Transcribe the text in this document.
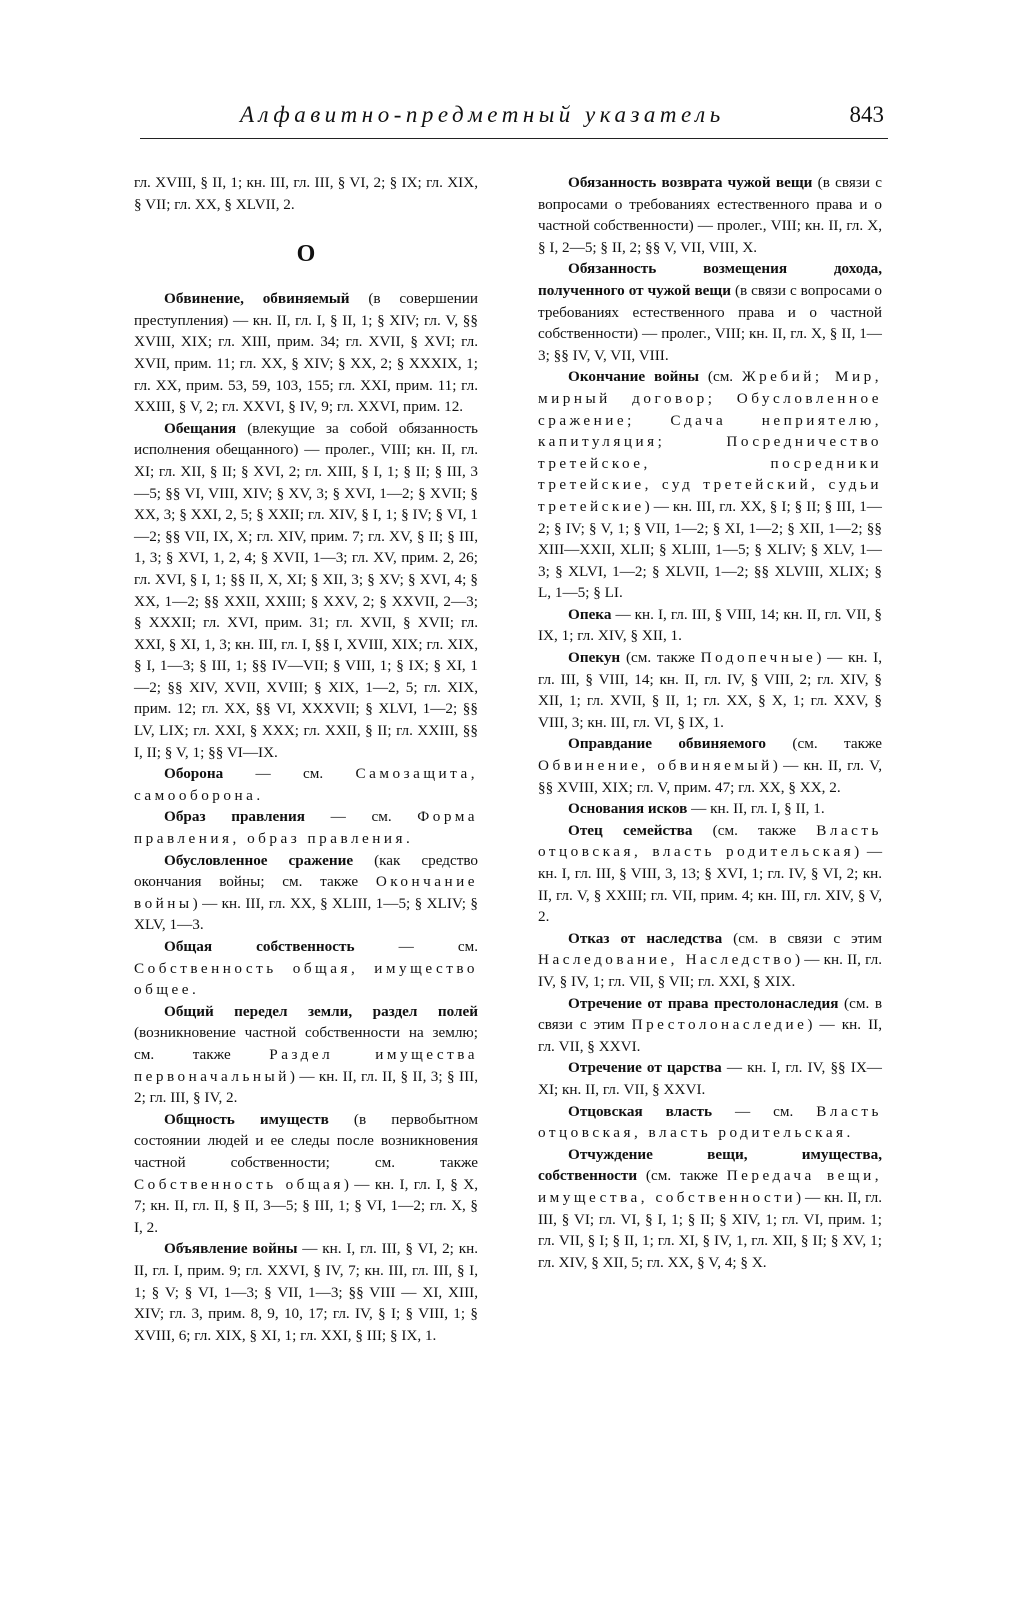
Алфавитно-предметный указатель	843

гл. XVIII, § II, 1; кн. III, гл. III, § VI, 2; § IX; гл. XIX, § VII; гл. XX, § XLVII, 2.

О

Обвинение, обвиняемый (в совершении преступления) — кн. II, гл. I, § II, 1; § XIV; гл. V, §§ XVIII, XIX; гл. XIII, прим. 34; гл. XVII, § XVI; гл. XVII, прим. 11; гл. XX, § XIV; § XX, 2; § XXXIX, 1; гл. XX, прим. 53, 59, 103, 155; гл. XXI, прим. 11; гл. XXIII, § V, 2; гл. XXVI, § IV, 9; гл. XXVI, прим. 12.

Обещания (влекущие за собой обязанность исполнения обещанного) — пролег., VIII; кн. II, гл. XI; гл. XII, § II; § XVI, 2; гл. XIII, § I, 1; § II; § III, 3—5; §§ VI, VIII, XIV; § XV, 3; § XVI, 1—2; § XVII; § XX, 3; § XXI, 2, 5; § XXII; гл. XIV, § I, 1; § IV; § VI, 1—2; §§ VII, IX, X; гл. XIV, прим. 7; гл. XV, § II; § III, 1, 3; § XVI, 1, 2, 4; § XVII, 1—3; гл. XV, прим. 2, 26; гл. XVI, § I, 1; §§ II, X, XI; § XII, 3; § XV; § XVI, 4; § XX, 1—2; §§ XXII, XXIII; § XXV, 2; § XXVII, 2—3; § XXXII; гл. XVI, прим. 31; гл. XVII, § XVII; гл. XXI, § XI, 1, 3; кн. III, гл. I, §§ I, XVIII, XIX; гл. XIX, § I, 1—3; § III, 1; §§ IV—VII; § VIII, 1; § IX; § XI, 1—2; §§ XIV, XVII, XVIII; § XIX, 1—2, 5; гл. XIX, прим. 12; гл. XX, §§ VI, XXXVII; § XLVI, 1—2; §§ LV, LIX; гл. XXI, § XXX; гл. XXII, § II; гл. XXIII, §§ I, II; § V, 1; §§ VI—IX.

Оборона — см. Самозащита, самооборона.

Образ правления — см. Форма правления, образ правления.

Обусловленное сражение (как средство окончания войны; см. также Окончание войны) — кн. III, гл. XX, § XLIII, 1—5; § XLIV; § XLV, 1—3.

Общая собственность — см. Собственность общая, имущество общее.

Общий передел земли, раздел полей (возникновение частной собственности на землю; см. также Раздел имущества первоначальный) — кн. II, гл. II, § II, 3; § III, 2; гл. III, § IV, 2.

Общность имуществ (в первобытном состоянии людей и ее следы после возникновения частной собственности; см. также Собственность общая) — кн. I, гл. I, § X, 7; кн. II, гл. II, § II, 3—5; § III, 1; § VI, 1—2; гл. X, § I, 2.

Объявление войны — кн. I, гл. III, § VI, 2; кн. II, гл. I, прим. 9; гл. XXVI, § IV, 7; кн. III, гл. III, § I, 1; § V; § VI, 1—3; § VII, 1—3; §§ VIII — XI, XIII, XIV; гл. 3, прим. 8, 9, 10, 17; гл. IV, § I; § VIII, 1; § XVIII, 6; гл. XIX, § XI, 1; гл. XXI, § III; § IX, 1.

Обязанность возврата чужой вещи (в связи с вопросами о требованиях естественного права и о частной собственности) — пролег., VIII; кн. II, гл. X, § I, 2—5; § II, 2; §§ V, VII, VIII, X.

Обязанность возмещения дохода, полученного от чужой вещи (в связи с вопросами о требованиях естественного права и о частной собственности) — пролег., VIII; кн. II, гл. X, § II, 1—3; §§ IV, V, VII, VIII.

Окончание войны (см. Жребий; Мир, мирный договор; Обусловленное сражение; Сдача неприятелю, капитуляция; Посредничество третейское, посредники третейские, суд третейский, судьи третейские) — кн. III, гл. XX, § I; § II; § III, 1—2; § IV; § V, 1; § VII, 1—2; § XI, 1—2; § XII, 1—2; §§ XIII—XXII, XLII; § XLIII, 1—5; § XLIV; § XLV, 1—3; § XLVI, 1—2; § XLVII, 1—2; §§ XLVIII, XLIX; § L, 1—5; § LI.

Опека — кн. I, гл. III, § VIII, 14; кн. II, гл. VII, § IX, 1; гл. XIV, § XII, 1.

Опекун (см. также Подопечные) — кн. I, гл. III, § VIII, 14; кн. II, гл. IV, § VIII, 2; гл. XIV, § XII, 1; гл. XVII, § II, 1; гл. XX, § X, 1; гл. XXV, § VIII, 3; кн. III, гл. VI, § IX, 1.

Оправдание обвиняемого (см. также Обвинение, обвиняемый) — кн. II, гл. V, §§ XVIII, XIX; гл. V, прим. 47; гл. XX, § XX, 2.

Основания исков — кн. II, гл. I, § II, 1.

Отец семейства (см. также Власть отцовская, власть родительская) — кн. I, гл. III, § VIII, 3, 13; § XVI, 1; гл. IV, § VI, 2; кн. II, гл. V, § XXIII; гл. VII, прим. 4; кн. III, гл. XIV, § V, 2.

Отказ от наследства (см. в связи с этим Наследование, Наследство) — кн. II, гл. IV, § IV, 1; гл. VII, § VII; гл. XXI, § XIX.

Отречение от права престолонаследия (см. в связи с этим Престолонаследие) — кн. II, гл. VII, § XXVI.

Отречение от царства — кн. I, гл. IV, §§ IX—XI; кн. II, гл. VII, § XXVI.

Отцовская власть — см. Власть отцовская, власть родительская.

Отчуждение вещи, имущества, собственности (см. также Передача вещи, имущества, собственности) — кн. II, гл. III, § VI; гл. VI, § I, 1; § II; § XIV, 1; гл. VI, прим. 1; гл. VII, § I; § II, 1; гл. XI, § IV, 1, гл. XII, § II; § XV, 1; гл. XIV, § XII, 5; гл. XX, § V, 4; § X.
